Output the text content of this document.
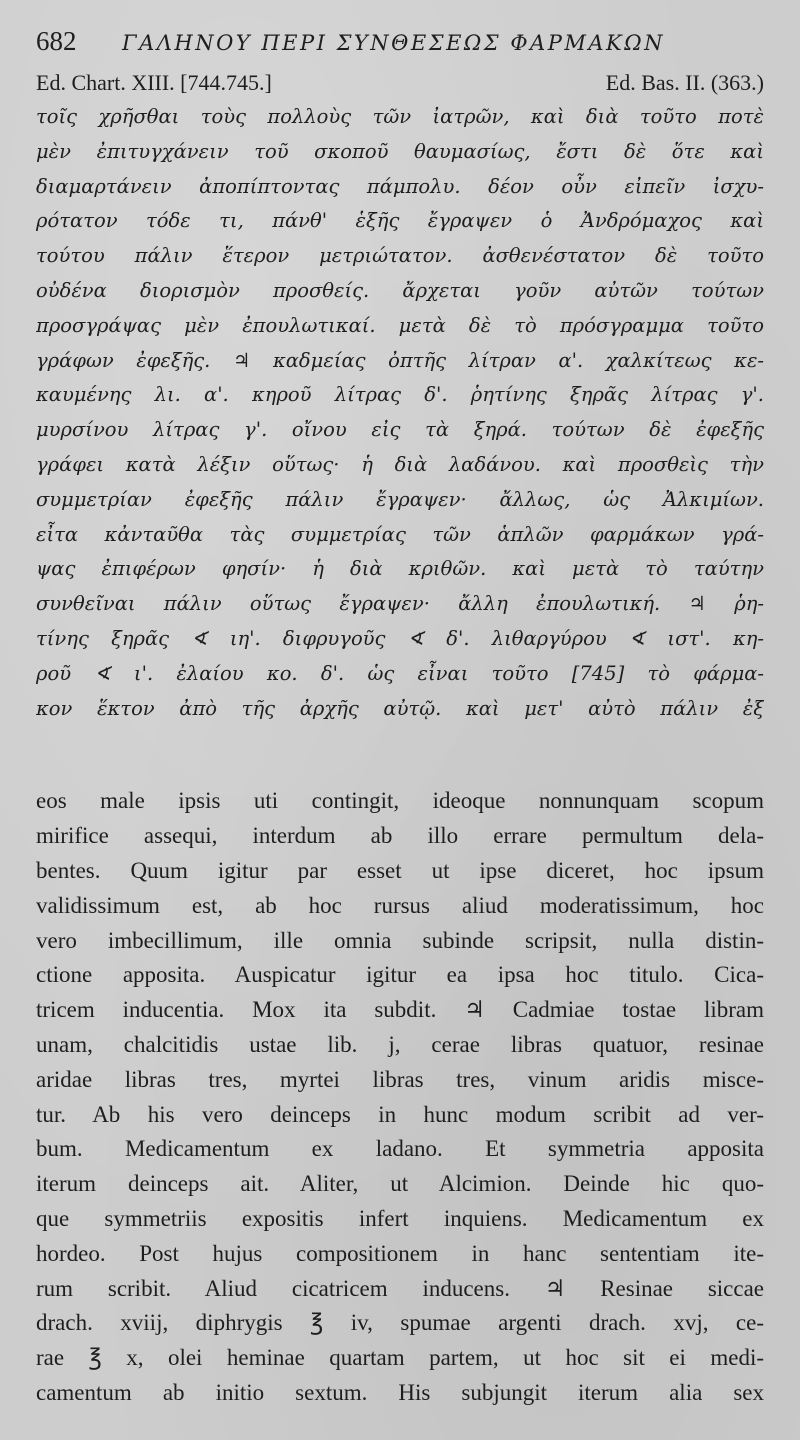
682	ΓΑΛΗΝΟΥ ΠΕΡΙ ΣΥΝΘΕΣΕΩΣ ΦΑΡΜΑΚΩΝ
Ed. Chart. XIII. [744.745.]	Ed. Bas. II. (363.)
τοῖς χρῆσθαι τοὺς πολλοὺς τῶν ἰατρῶν, καὶ διὰ τοῦτο ποτὲ
μὲν ἐπιτυγχάνειν τοῦ σκοποῦ θαυμασίως, ἔστι δὲ ὅτε καὶ
διαμαρτάνειν ἀποπίπτοντας πάμπολυ. δέον οὖν εἰπεῖν ἰσχυ-
ρότατον τόδε τι, πάνθ' ἑξῆς ἔγραψεν ὁ Ἀνδρόμαχος καὶ
τούτου πάλιν ἕτερον μετριώτατον. ἀσθενέστατον δὲ τοῦτο
οὐδένα διορισμὸν προσθείς. ἄρχεται γοῦν αὐτῶν τούτων
προσγράψας μὲν ἐπουλωτικαί. μετὰ δὲ τὸ πρόσγραμμα τοῦτο
γράφων ἐφεξῆς. ♃ καδμείας ὀπτῆς λίτραν α'. χαλκίτεως κε-
καυμένης λι. α'. κηροῦ λίτρας δ'. ῥητίνης ξηρᾶς λίτρας γ'.
μυρσίνου λίτρας γ'. οἴνου εἰς τὰ ξηρά. τούτων δὲ ἐφεξῆς
γράφει κατὰ λέξιν οὕτως· ἡ διὰ λαδάνου. καὶ προσθεὶς τὴν
συμμετρίαν ἐφεξῆς πάλιν ἔγραψεν· ἄλλως, ὡς Ἀλκιμίων.
εἶτα κἀνταῦθα τὰς συμμετρίας τῶν ἁπλῶν φαρμάκων γρά-
ψας ἐπιφέρων φησίν· ἡ διὰ κριθῶν. καὶ μετὰ τὸ ταύτην
συνθεῖναι πάλιν οὕτως ἔγραψεν· ἄλλη ἐπουλωτική. ♃ ῥη-
τίνης ξηρᾶς ∢ ιη'. διφρυγοῦς ∢ δ'. λιθαργύρου ∢ ιστ'. κη-
ροῦ ∢ ι'. ἐλαίου κο. δ'. ὡς εἶναι τοῦτο [745] τὸ φάρμα-
κον ἕκτον ἀπὸ τῆς ἀρχῆς αὐτῷ. καὶ μετ' αὐτὸ πάλιν ἐξ
eos male ipsis uti contingit, ideoque nonnunquam scopum
mirifice assequi, interdum ab illo errare permultum dela-
bentes. Quum igitur par esset ut ipse diceret, hoc ipsum
validissimum est, ab hoc rursus aliud moderatissimum, hoc
vero imbecillimum, ille omnia subinde scripsit, nulla distin-
ctione apposita. Auspicatur igitur ea ipsa hoc titulo. Cica-
tricem inducentia. Mox ita subdit. ♃ Cadmiae tostae libram
unam, chalcitidis ustae lib. j, cerae libras quatuor, resinae
aridae libras tres, myrtei libras tres, vinum aridis misce-
tur. Ab his vero deinceps in hunc modum scribit ad ver-
bum. Medicamentum ex ladano. Et symmetria apposita
iterum deinceps ait. Aliter, ut Alcimion. Deinde hic quo-
que symmetriis expositis infert inquiens. Medicamentum ex
hordeo. Post hujus compositionem in hanc sententiam ite-
rum scribit. Aliud cicatricem inducens. ♃ Resinae siccae
drach. xviij, diphrygis ℥ iv, spumae argenti drach. xvj, ce-
rae ℥ x, olei heminae quartam partem, ut hoc sit ei medi-
camentum ab initio sextum. His subjungit iterum alia sex
